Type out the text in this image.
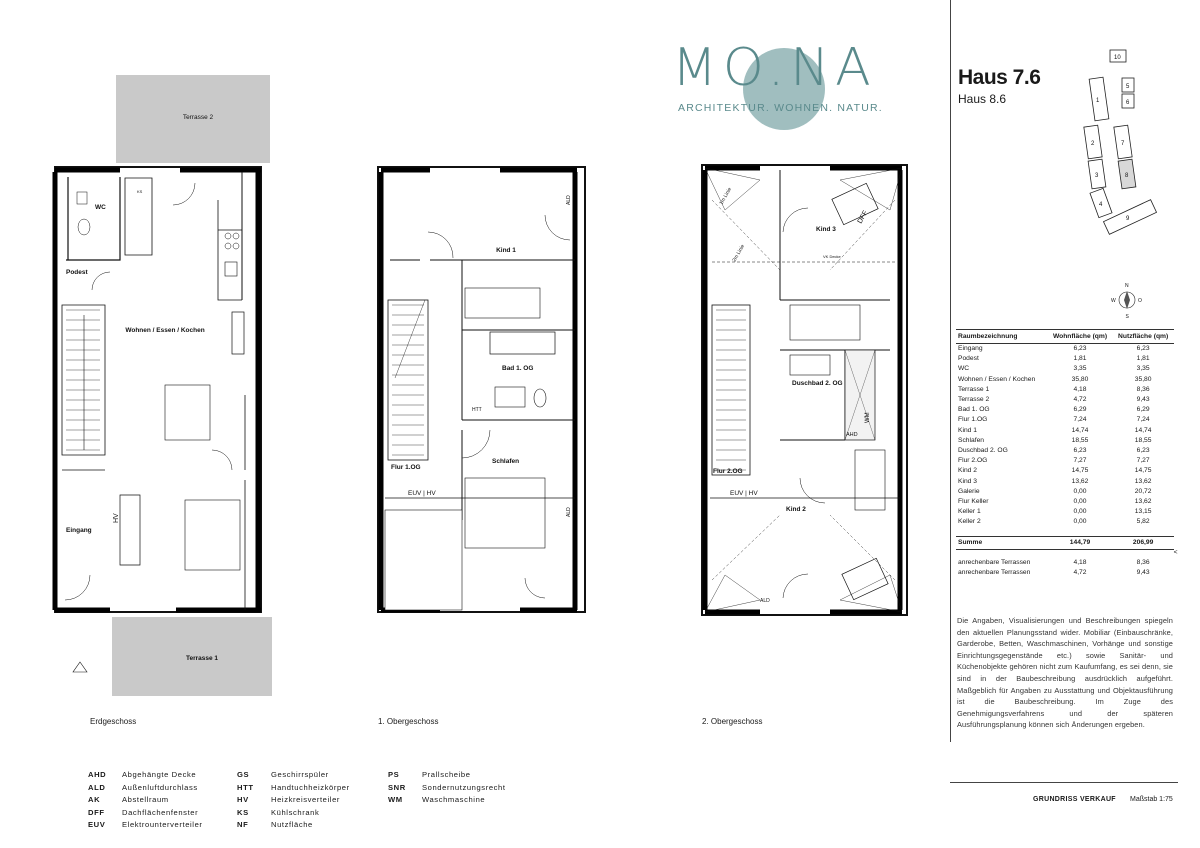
Terrasse 2
WC
KS
Podest
Wohnen / Essen / Kochen
Eingang
HV
Terrasse 1
Kind 1
Bad 1. OG
HTT
Schlafen
Flur 1.OG
EUV | HV
ALD
ALD
Kind 3
VK Decke
Duschbad 2. OG
AHD
WM
Flur 2.OG
EUV | HV
Kind 2
DFF
ALD
1m Linie
2m Linie
Erdgeschoss	1. Obergeschoss	2. Obergeschoss
MO.NA
ARCHITEKTUR. WOHNEN. NATUR.
Haus 7.6
Haus 8.6
10
1
5
6
2	7
3	8
4
9
N
S
W	O
Raumbezeichnung	Wohnfläche (qm)	Nutzfläche (qm)
Eingang	6,23	6,23
Podest	1,81	1,81
WC	3,35	3,35
Wohnen / Essen / Kochen	35,80	35,80
Terrasse 1	4,18	8,36
Terrasse 2	4,72	9,43
Bad 1. OG	6,29	6,29
Flur 1.OG	7,24	7,24
Kind 1	14,74	14,74
Schlafen	18,55	18,55
Duschbad 2. OG	6,23	6,23
Flur 2.OG	7,27	7,27
Kind 2	14,75	14,75
Kind 3	13,62	13,62
Galerie	0,00	20,72
Flur Keller	0,00	13,62
Keller 1	0,00	13,15
Keller 2	0,00	5,82

Summe	144,79	206,99
	<
anrechenbare Terrassen	4,18	8,36
anrechenbare Terrassen	4,72	9,43
Die Angaben, Visualisierungen und Beschreibungen spiegeln den aktuellen Planungsstand wider. Mobiliar (Einbauschränke, Garderobe, Betten, Waschmaschinen, Vorhänge und sonstige Einrichtungsgegenstände etc.) sowie Sanitär- und Küchenobjekte gehören nicht zum Kaufumfang, es sei denn, sie sind in der Baubeschreibung ausdrücklich aufgeführt. Maßgeblich für Angaben zu Ausstattung und Objektausführung ist die Baubeschreibung. Im Zuge des Genehmigungsverfahrens und der späteren Ausführungsplanung können sich Änderungen ergeben.
GRUNDRISS VERKAUF Maßstab 1:75
AHD Abgehängte Decke
ALD Außenluftdurchlass
AK	Abstellraum
DFF Dachflächenfenster
EUV Elektrounterverteiler
GS	Geschirrspüler
HTT Handtuchheizkörper
HV	Heizkreisverteiler
KS	Kühlschrank
NF	Nutzfläche
PS	Prallscheibe
SNR Sondernutzungsrecht
WM	Waschmaschine
